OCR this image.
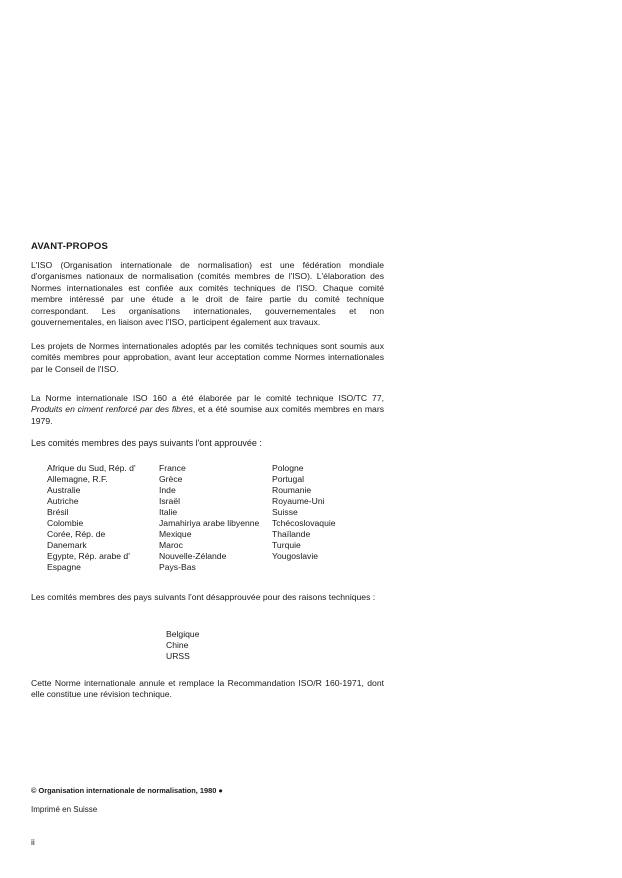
AVANT-PROPOS

L'ISO (Organisation internationale de normalisation) est une fédération mondiale d'organismes nationaux de normalisation (comités membres de l'ISO). L'élaboration des Normes internationales est confiée aux comités techniques de l'ISO. Chaque comité membre intéressé par une étude a le droit de faire partie du comité technique correspondant. Les organisations internationales, gouvernementales et non gouvernementales, en liaison avec l'ISO, participent également aux travaux.

Les projets de Normes internationales adoptés par les comités techniques sont soumis aux comités membres pour approbation, avant leur acceptation comme Normes internationales par le Conseil de l'ISO.

La Norme internationale ISO 160 a été élaborée par le comité technique ISO/TC 77, Produits en ciment renforcé par des fibres, et a été soumise aux comités membres en mars 1979.

Les comités membres des pays suivants l'ont approuvée :

Afrique du Sud, Rép. d'
Allemagne, R.F.
Australie
Autriche
Brésil
Colombie
Corée, Rép. de
Danemark
Egypte, Rép. arabe d'
Espagne
France
Grèce
Inde
Israël
Italie
Jamahiriya arabe libyenne
Mexique
Maroc
Nouvelle-Zélande
Pays-Bas
Pologne
Portugal
Roumanie
Royaume-Uni
Suisse
Tchécoslovaquie
Thaïlande
Turquie
Yougoslavie

Les comités membres des pays suivants l'ont désapprouvée pour des raisons techniques :

Belgique
Chine
URSS

Cette Norme internationale annule et remplace la Recommandation ISO/R 160-1971, dont elle constitue une révision technique.

© Organisation internationale de normalisation, 1980 ●
Imprimé en Suisse
ii
